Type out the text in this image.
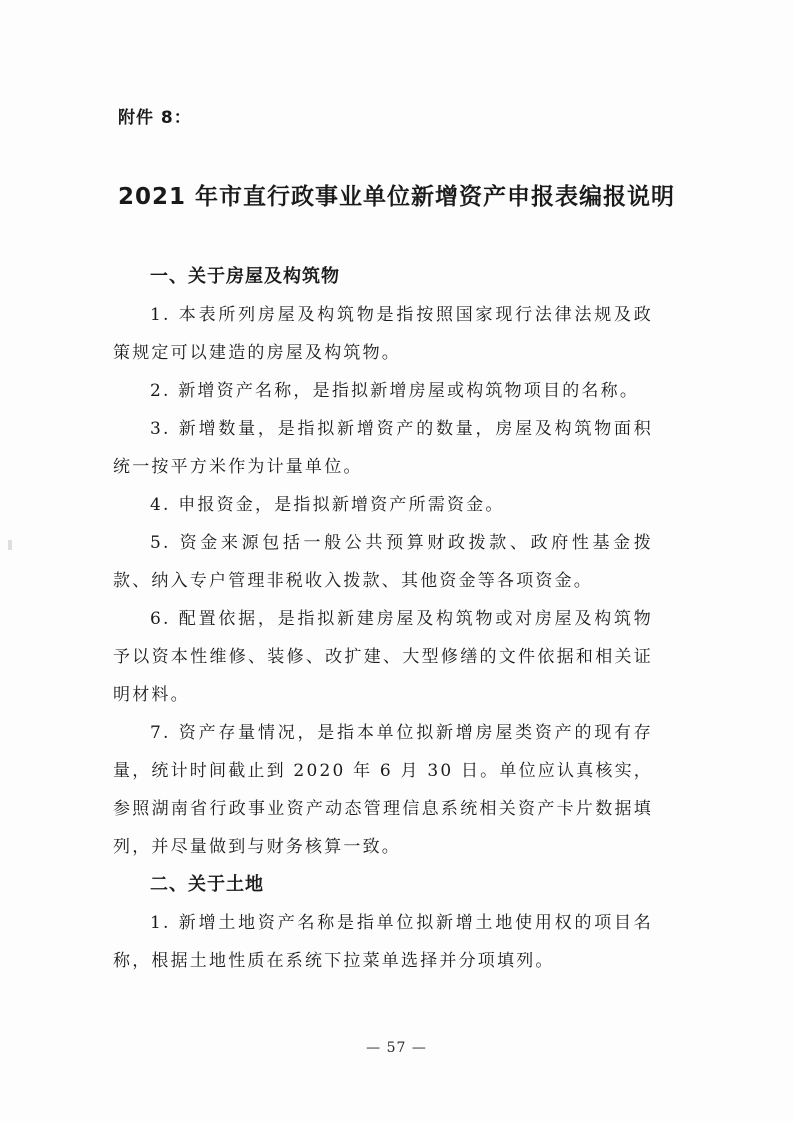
附件 8：
2021 年市直行政事业单位新增资产申报表编报说明

一、关于房屋及构筑物

1. 本表所列房屋及构筑物是指按照国家现行法律法规及政策规定可以建造的房屋及构筑物。

2. 新增资产名称，是指拟新增房屋或构筑物项目的名称。

3. 新增数量，是指拟新增资产的数量，房屋及构筑物面积统一按平方米作为计量单位。

4. 申报资金，是指拟新增资产所需资金。

5. 资金来源包括一般公共预算财政拨款、政府性基金拨款、纳入专户管理非税收入拨款、其他资金等各项资金。

6. 配置依据，是指拟新建房屋及构筑物或对房屋及构筑物予以资本性维修、装修、改扩建、大型修缮的文件依据和相关证明材料。

7. 资产存量情况，是指本单位拟新增房屋类资产的现有存量，统计时间截止到 2020 年 6 月 30 日。单位应认真核实，参照湖南省行政事业资产动态管理信息系统相关资产卡片数据填列，并尽量做到与财务核算一致。

二、关于土地

1. 新增土地资产名称是指单位拟新增土地使用权的项目名称，根据土地性质在系统下拉菜单选择并分项填列。

— 57 —
